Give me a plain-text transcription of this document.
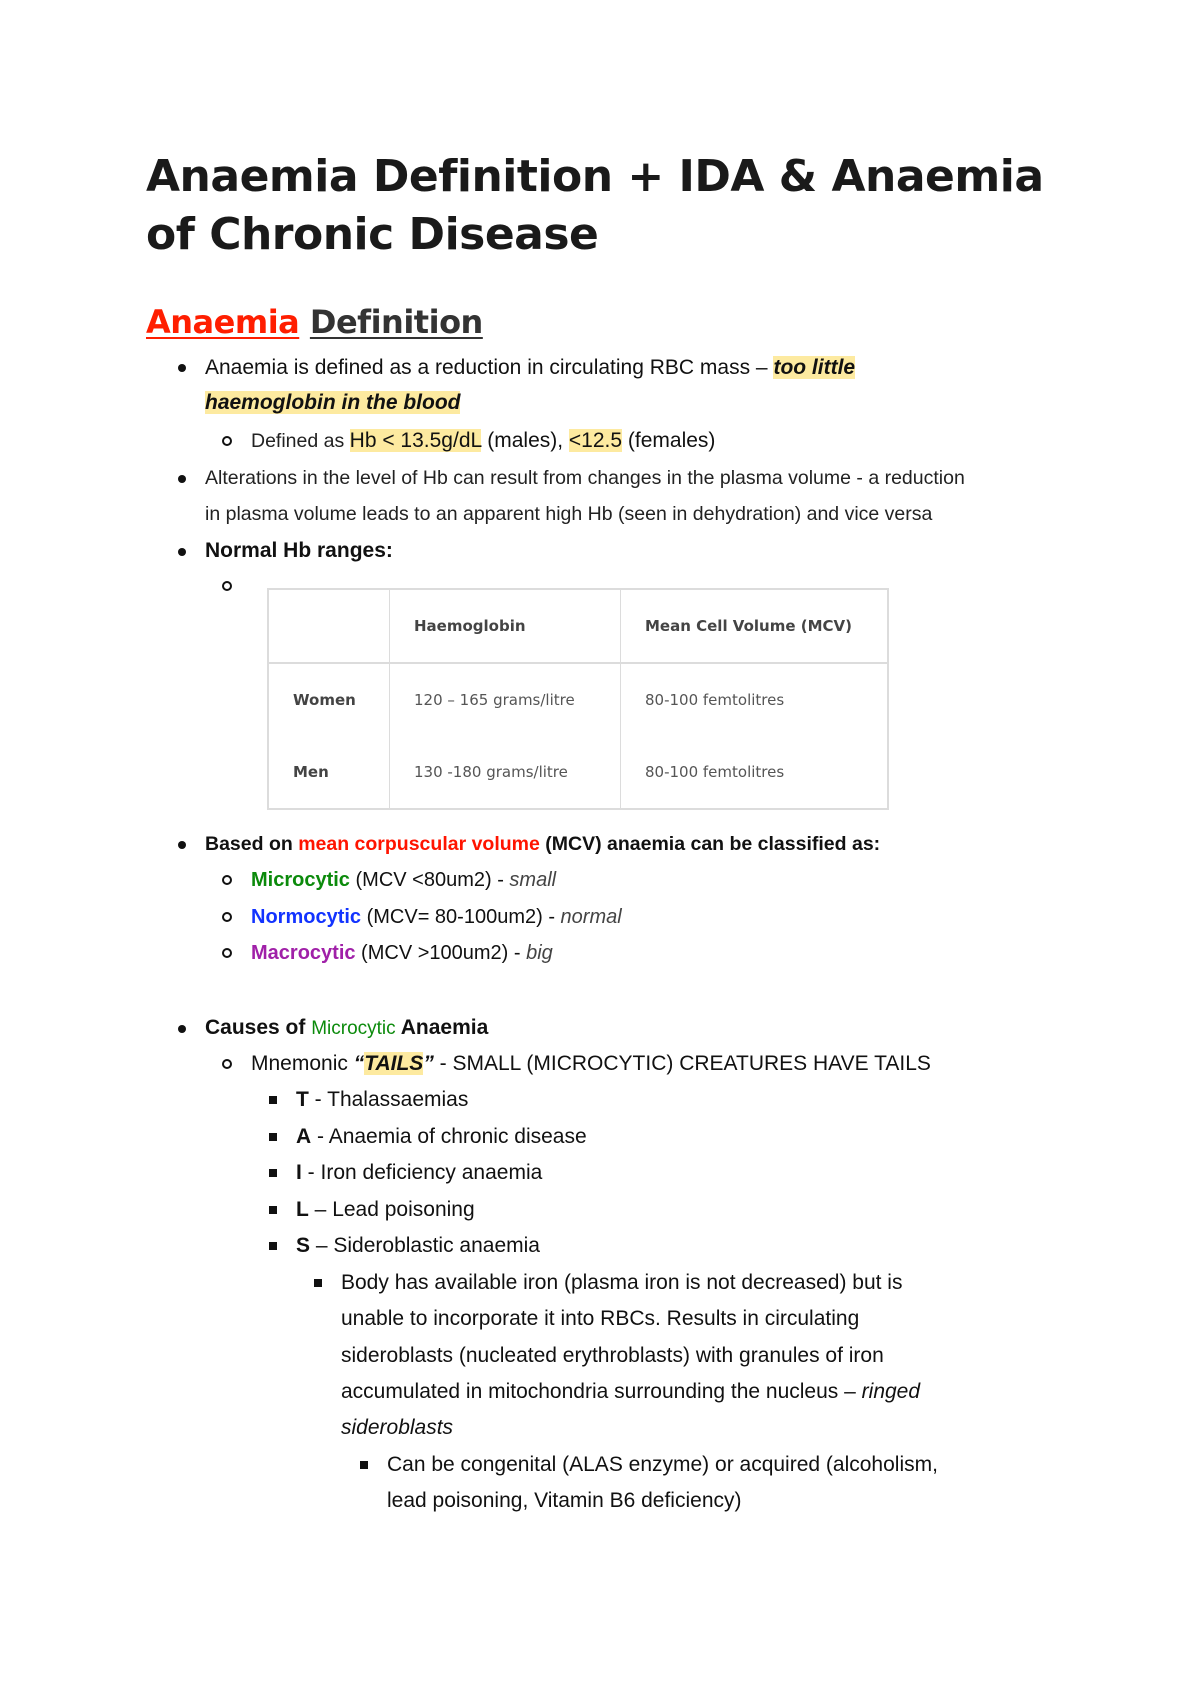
Anaemia Definition + IDA & Anaemia of Chronic Disease
Anaemia Definition
Anaemia is defined as a reduction in circulating RBC mass – too little
haemoglobin in the blood
Defined as Hb < 13.5g/dL (males), <12.5 (females)
Alterations in the level of Hb can result from changes in the plasma volume - a reduction
in plasma volume leads to an apparent high Hb (seen in dehydration) and vice versa
Normal Hb ranges:
	Haemoglobin	Mean Cell Volume (MCV)
Women	120 – 165 grams/litre	80-100 femtolitres
Men	130 -180 grams/litre	80-100 femtolitres
Based on mean corpuscular volume (MCV) anaemia can be classified as:
Microcytic (MCV <80um2) - small
Normocytic (MCV= 80-100um2) - normal
Macrocytic (MCV >100um2) - big
Causes of Microcytic Anaemia
Mnemonic “TAILS” - SMALL (MICROCYTIC) CREATURES HAVE TAILS
T - Thalassaemias
A - Anaemia of chronic disease
I - Iron deficiency anaemia
L – Lead poisoning
S – Sideroblastic anaemia
Body has available iron (plasma iron is not decreased) but is
unable to incorporate it into RBCs. Results in circulating
sideroblasts (nucleated erythroblasts) with granules of iron
accumulated in mitochondria surrounding the nucleus – ringed
sideroblasts
Can be congenital (ALAS enzyme) or acquired (alcoholism,
lead poisoning, Vitamin B6 deficiency)
